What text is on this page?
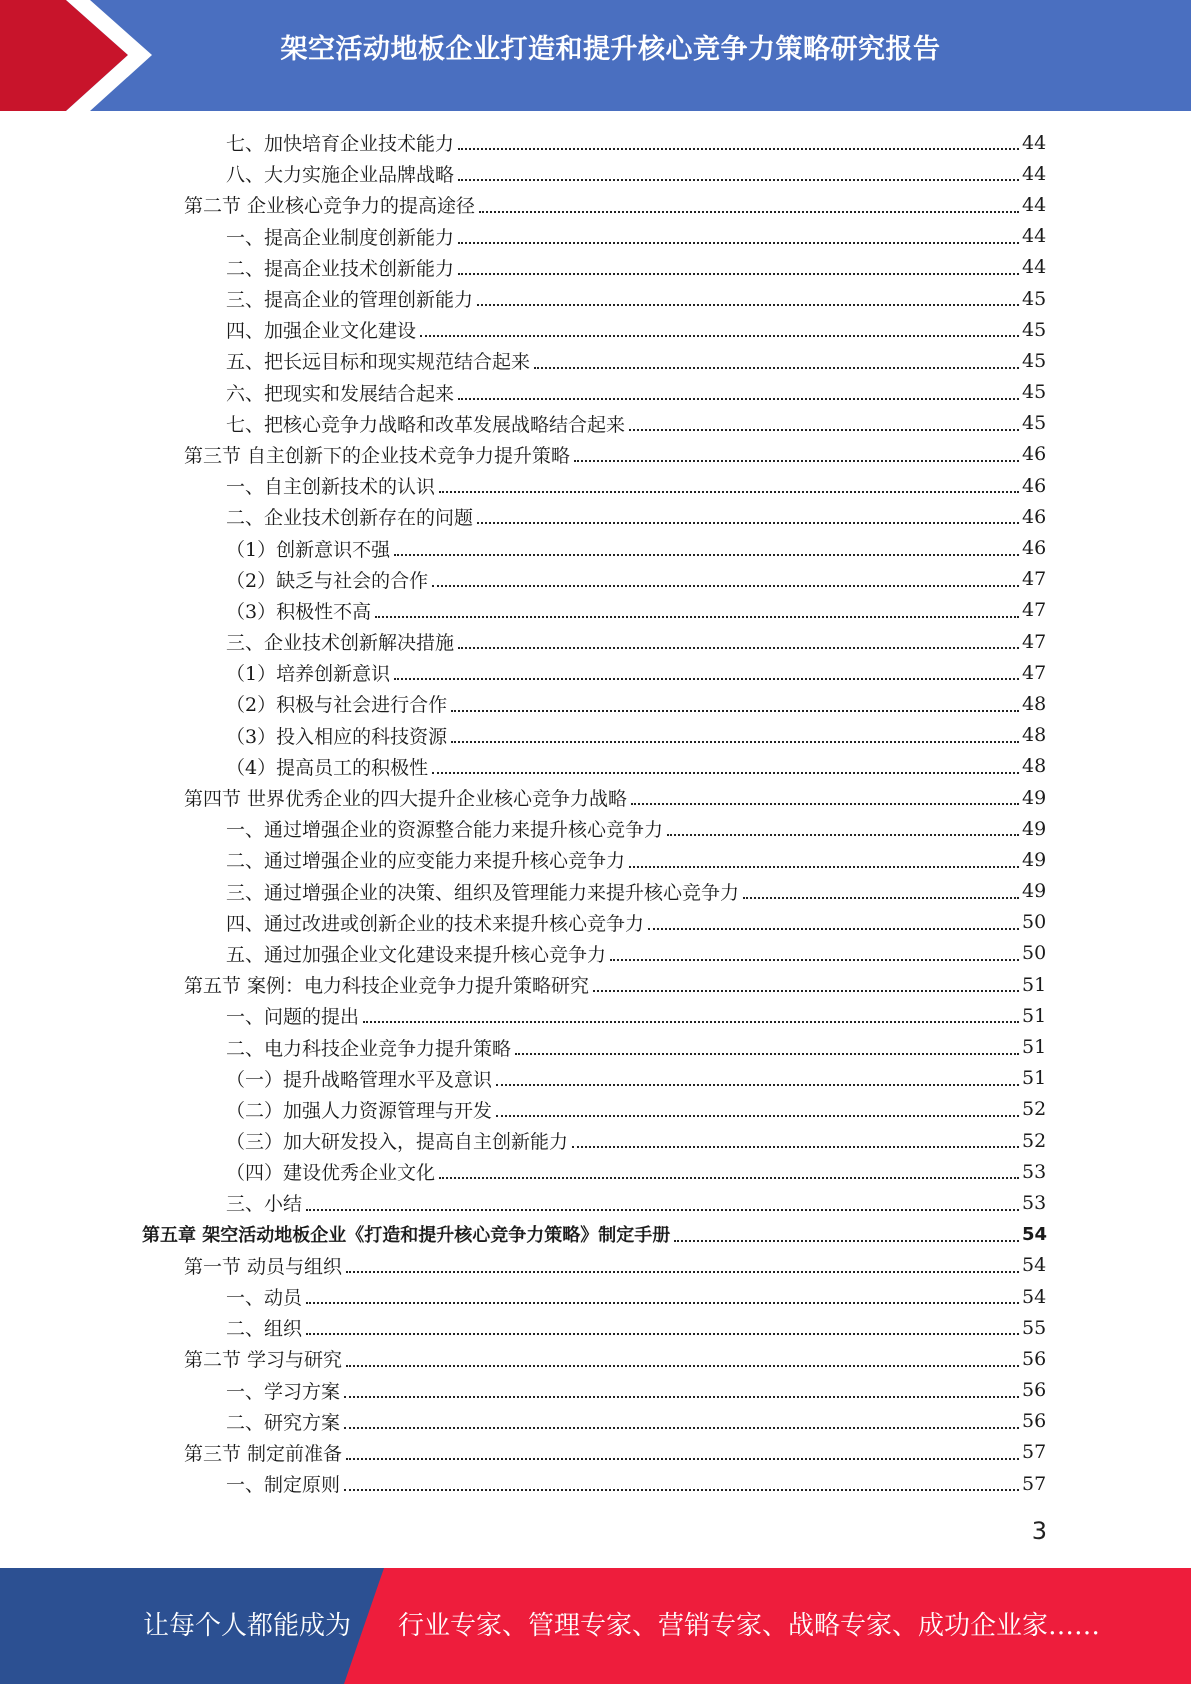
架空活动地板企业打造和提升核心竞争力策略研究报告
七、加快培育企业技术能力	44
八、大力实施企业品牌战略	44
第二节 企业核心竞争力的提高途径	44
一、提高企业制度创新能力	44
二、提高企业技术创新能力	44
三、提高企业的管理创新能力	45
四、加强企业文化建设	45
五、把长远目标和现实规范结合起来	45
六、把现实和发展结合起来	45
七、把核心竞争力战略和改革发展战略结合起来	45
第三节 自主创新下的企业技术竞争力提升策略	46
一、自主创新技术的认识	46
二、企业技术创新存在的问题	46
（1）创新意识不强	46
（2）缺乏与社会的合作	47
（3）积极性不高	47
三、企业技术创新解决措施	47
（1）培养创新意识	47
（2）积极与社会进行合作	48
（3）投入相应的科技资源	48
（4）提高员工的积极性	48
第四节 世界优秀企业的四大提升企业核心竞争力战略	49
一、通过增强企业的资源整合能力来提升核心竞争力	49
二、通过增强企业的应变能力来提升核心竞争力	49
三、通过增强企业的决策、组织及管理能力来提升核心竞争力	49
四、通过改进或创新企业的技术来提升核心竞争力	50
五、通过加强企业文化建设来提升核心竞争力	50
第五节 案例：电力科技企业竞争力提升策略研究	51
一、问题的提出	51
二、电力科技企业竞争力提升策略	51
（一）提升战略管理水平及意识	51
（二）加强人力资源管理与开发	52
（三）加大研发投入，提高自主创新能力	52
（四）建设优秀企业文化	53
三、小结	53
第五章 架空活动地板企业《打造和提升核心竞争力策略》制定手册	54
第一节 动员与组织	54
一、动员	54
二、组织	55
第二节 学习与研究	56
一、学习方案	56
二、研究方案	56
第三节 制定前准备	57
一、制定原则	57
3
让每个人都能成为 行业专家、管理专家、营销专家、战略专家、成功企业家……
